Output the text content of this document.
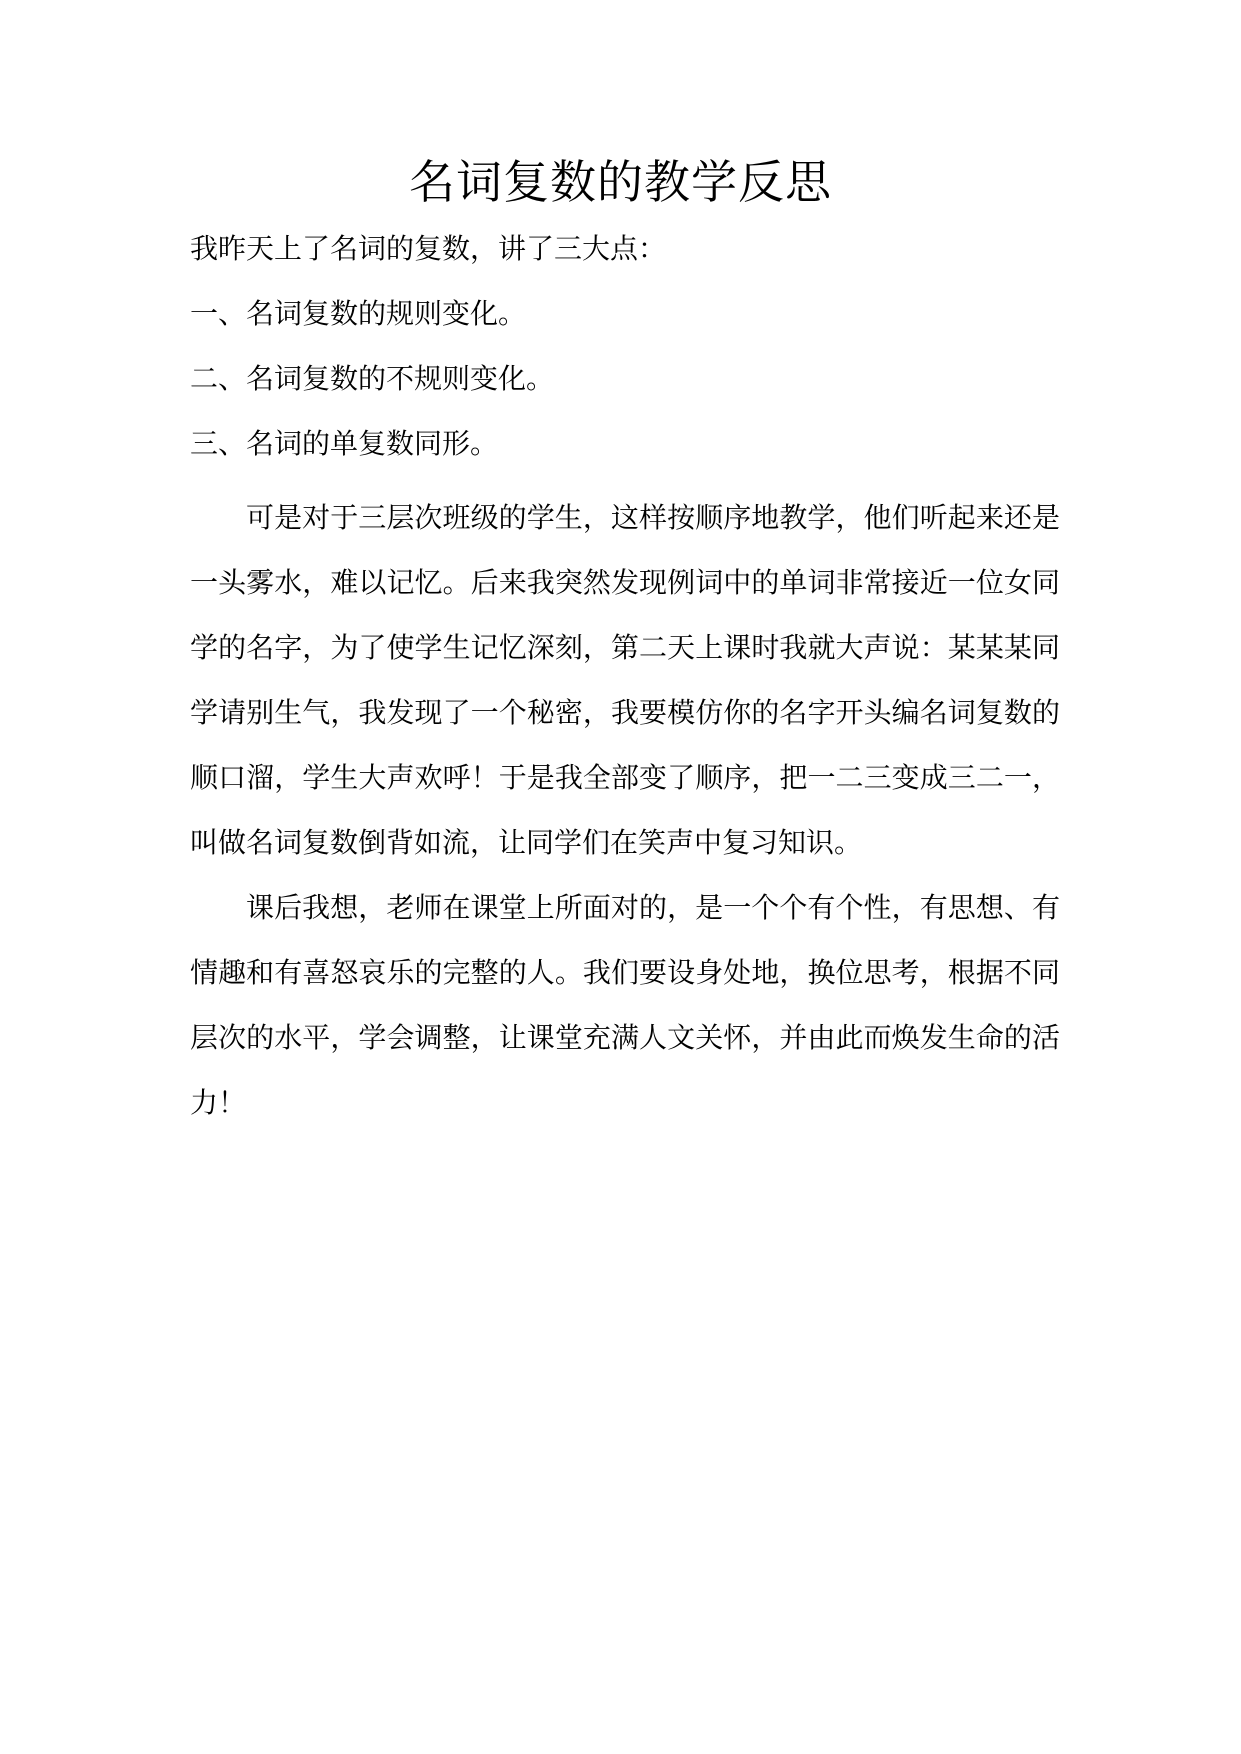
名词复数的教学反思

我昨天上了名词的复数，讲了三大点：

一、名词复数的规则变化。

二、名词复数的不规则变化。

三、名词的单复数同形。

可是对于三层次班级的学生，这样按顺序地教学，他们听起来还是一头雾水，难以记忆。后来我突然发现例词中的单词非常接近一位女同学的名字，为了使学生记忆深刻，第二天上课时我就大声说：某某某同学请别生气，我发现了一个秘密，我要模仿你的名字开头编名词复数的顺口溜，学生大声欢呼！于是我全部变了顺序，把一二三变成三二一，叫做名词复数倒背如流，让同学们在笑声中复习知识。

课后我想，老师在课堂上所面对的，是一个个有个性，有思想、有情趣和有喜怒哀乐的完整的人。我们要设身处地，换位思考，根据不同层次的水平，学会调整，让课堂充满人文关怀，并由此而焕发生命的活力！
